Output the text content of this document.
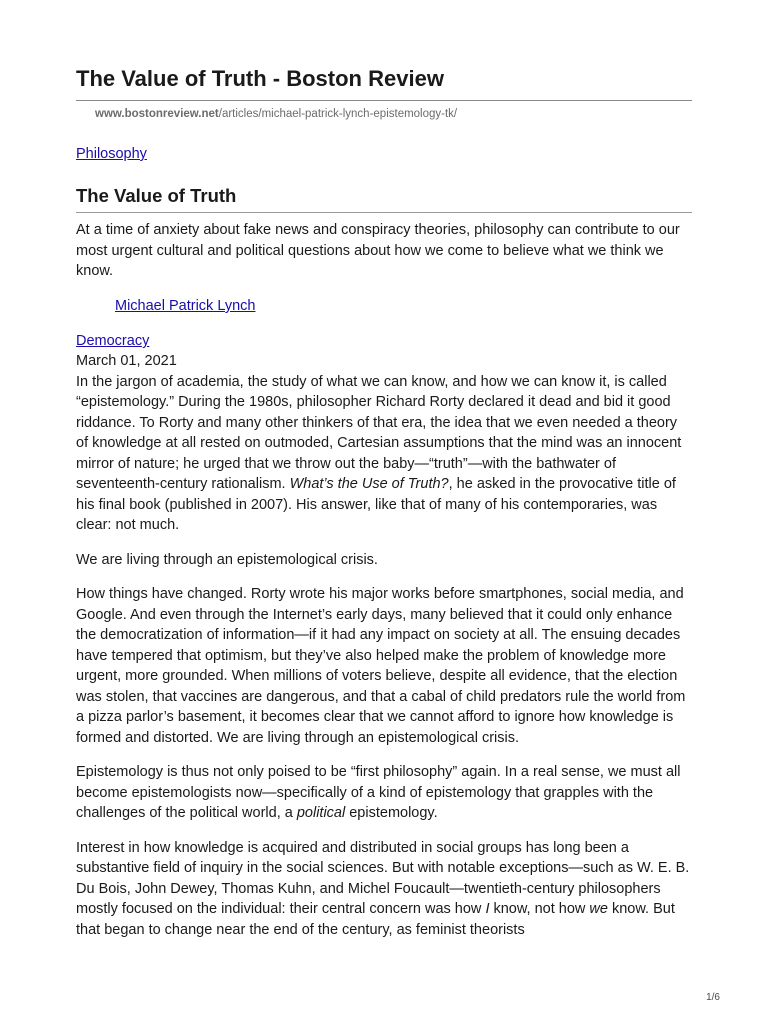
The Value of Truth - Boston Review
www.bostonreview.net/articles/michael-patrick-lynch-epistemology-tk/
Philosophy
The Value of Truth

At a time of anxiety about fake news and conspiracy theories, philosophy can contribute to our most urgent cultural and political questions about how we come to believe what we think we know.

Michael Patrick Lynch
Democracy
March 01, 2021

In the jargon of academia, the study of what we can know, and how we can know it, is called “epistemology.” During the 1980s, philosopher Richard Rorty declared it dead and bid it good riddance. To Rorty and many other thinkers of that era, the idea that we even needed a theory of knowledge at all rested on outmoded, Cartesian assumptions that the mind was an innocent mirror of nature; he urged that we throw out the baby—“truth”—with the bathwater of seventeenth-century rationalism. What’s the Use of Truth?, he asked in the provocative title of his final book (published in 2007). His answer, like that of many of his contemporaries, was clear: not much.

We are living through an epistemological crisis.

How things have changed. Rorty wrote his major works before smartphones, social media, and Google. And even through the Internet’s early days, many believed that it could only enhance the democratization of information—if it had any impact on society at all. The ensuing decades have tempered that optimism, but they’ve also helped make the problem of knowledge more urgent, more grounded. When millions of voters believe, despite all evidence, that the election was stolen, that vaccines are dangerous, and that a cabal of child predators rule the world from a pizza parlor’s basement, it becomes clear that we cannot afford to ignore how knowledge is formed and distorted. We are living through an epistemological crisis.

Epistemology is thus not only poised to be “first philosophy” again. In a real sense, we must all become epistemologists now—specifically of a kind of epistemology that grapples with the challenges of the political world, a political epistemology.

Interest in how knowledge is acquired and distributed in social groups has long been a substantive field of inquiry in the social sciences. But with notable exceptions—such as W. E. B. Du Bois, John Dewey, Thomas Kuhn, and Michel Foucault—twentieth-century philosophers mostly focused on the individual: their central concern was how I know, not how we know. But that began to change near the end of the century, as feminist theorists

1/6
